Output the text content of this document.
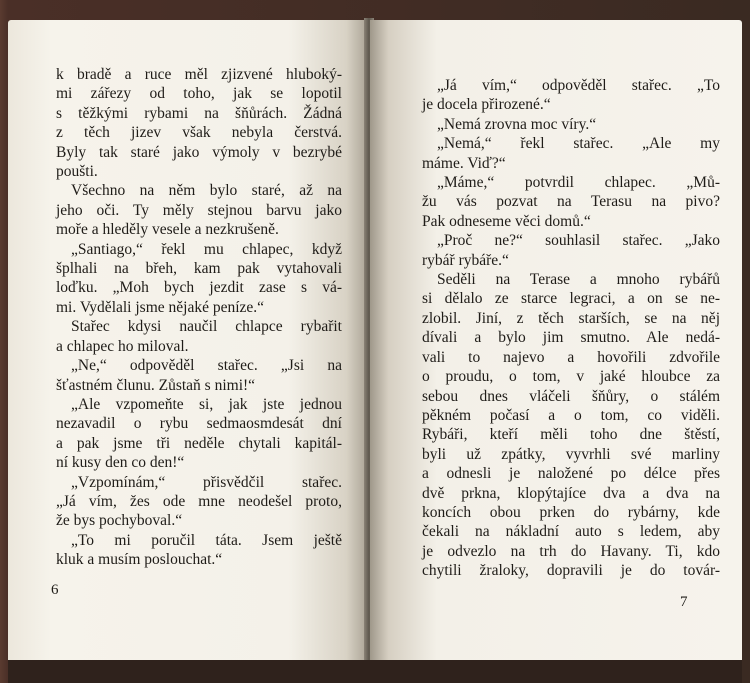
k bradě a ruce měl zjizvené hluboký-
mi zářezy od toho, jak se lopotil
s těžkými rybami na šňůrách. Žádná
z těch jizev však nebyla čerstvá.
Byly tak staré jako výmoly v bezrybé
poušti.
Všechno na něm bylo staré, až na
jeho oči. Ty měly stejnou barvu jako
moře a hleděly vesele a nezkrušeně.
„Santiago,“ řekl mu chlapec, když
šplhali na břeh, kam pak vytahovali
loďku. „Moh bych jezdit zase s vá-
mi. Vydělali jsme nějaké peníze.“
Stařec kdysi naučil chlapce rybařit
a chlapec ho miloval.
„Ne,“ odpověděl stařec. „Jsi na
šťastném člunu. Zůstaň s nimi!“
„Ale vzpomeňte si, jak jste jednou
nezavadil o rybu sedmaosmdesát dní
a pak jsme tři neděle chytali kapitál-
ní kusy den co den!“
„Vzpomínám,“ přisvědčil stařec.
„Já vím, žes ode mne neodešel proto,
že bys pochyboval.“
„To mi poručil táta. Jsem ještě
kluk a musím poslouchat.“
6
„Já vím,“ odpověděl stařec. „To
je docela přirozené.“
„Nemá zrovna moc víry.“
„Nemá,“ řekl stařec. „Ale my
máme. Viď?“
„Máme,“ potvrdil chlapec. „Mů-
žu vás pozvat na Terasu na pivo?
Pak odneseme věci domů.“
„Proč ne?“ souhlasil stařec. „Jako
rybář rybáře.“
Seděli na Terase a mnoho rybářů
si dělalo ze starce legraci, a on se ne-
zlobil. Jiní, z těch starších, se na něj
dívali a bylo jim smutno. Ale nedá-
vali to najevo a hovořili zdvořile
o proudu, o tom, v jaké hloubce za
sebou dnes vláčeli šňůry, o stálém
pěkném počasí a o tom, co viděli.
Rybáři, kteří měli toho dne štěstí,
byli už zpátky, vyvrhli své marliny
a odnesli je naložené po délce přes
dvě prkna, klopýtajíce dva a dva na
koncích obou prken do rybárny, kde
čekali na nákladní auto s ledem, aby
je odvezlo na trh do Havany. Ti, kdo
chytili žraloky, dopravili je do továr-
7
